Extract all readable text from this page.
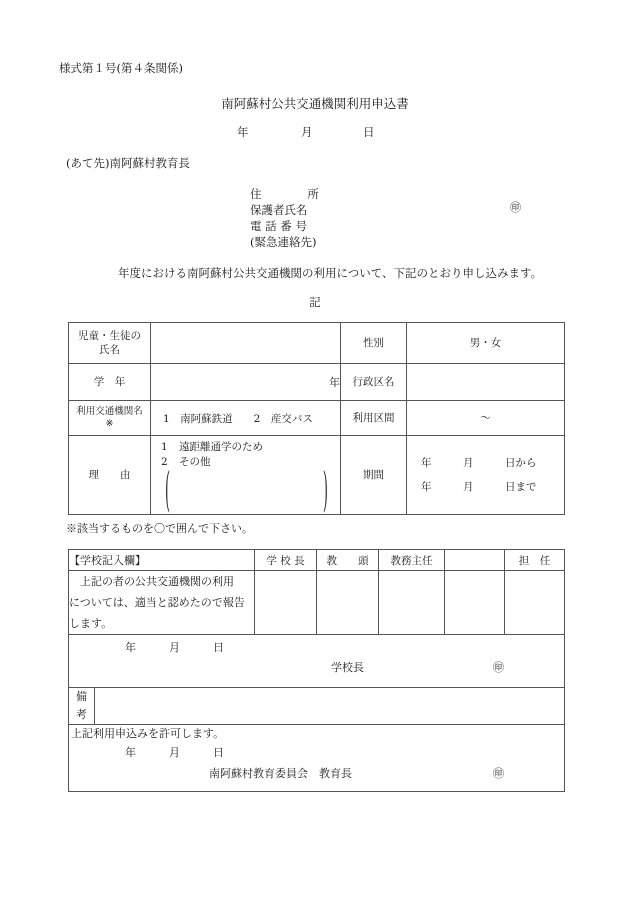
様式第１号(第４条関係)
南阿蘇村公共交通機関利用申込書
年	月	日
(あて先)南阿蘇村教育長
住　　　　所
保護者氏名
電 話 番 号
(緊急連絡先)
㊞
年度における南阿蘇村公共交通機関の利用について、下記のとおり申し込みます。
記
児童・生徒の
氏名		性別	男・女
学　年	年	行政区名	

利用交通機関名
※	1　南阿蘇鉄道　　2　産交バス	利用区間	〜
理　　由	
1 遠距離通学のため
2 その他
(	)	期間	
年	月	日から
年	月	日まで
※該当するものを〇で囲んで下さい。
【学校記入欄】		学 校 長	教　　頭	教務主任		担　任

上記の者の公共交通機関の利用

については、適当と認めたので報告

します。						

年 月 日
学校長 ㊞						

備
考						

上記利用申込みを許可します。
年 月 日
南阿蘇村教育委員会　教育長 ㊞						
